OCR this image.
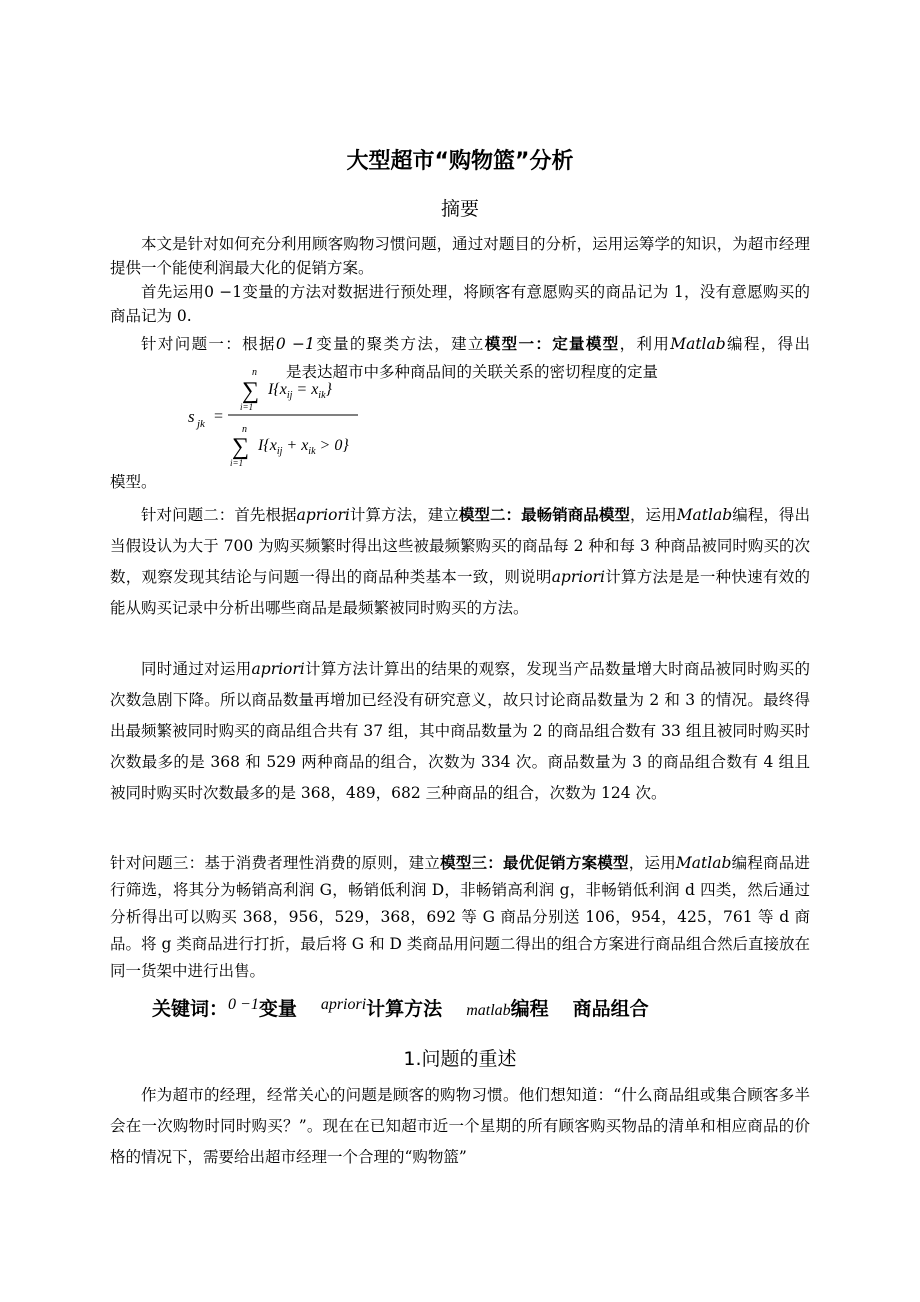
大型超市“购物篮”分析
摘要
本文是针对如何充分利用顾客购物习惯问题，通过对题目的分析，运用运筹学的知识，为超市经理提供一个能使利润最大化的促销方案。
首先运用0 −1变量的方法对数据进行预处理，将顾客有意愿购买的商品记为 1，没有意愿购买的商品记为 0.
针对问题一：根据0 −1变量的聚类方法，建立模型一：定量模型，利用Matlab编程，得出是表达超市中多种商品间的关联关系的密切程度的定量
s jk =
n
∑
i=1
$I\{x_{ij} = x_{ik}\}$
n
∑
i=1
$I\{x_{ij} + x_{ik} > 0\}$
模型。
针对问题二：首先根据apriori计算方法，建立模型二：最畅销商品模型，运用Matlab编程，得出当假设认为大于 700 为购买频繁时得出这些被最频繁购买的商品每 2 种和每 3 种商品被同时购买的次数，观察发现其结论与问题一得出的商品种类基本一致，则说明apriori计算方法是是一种快速有效的能从购买记录中分析出哪些商品是最频繁被同时购买的方法。
同时通过对运用apriori计算方法计算出的结果的观察，发现当产品数量增大时商品被同时购买的次数急剧下降。所以商品数量再增加已经没有研究意义，故只讨论商品数量为 2 和 3 的情况。最终得出最频繁被同时购买的商品组合共有 37 组，其中商品数量为 2 的商品组合数有 33 组且被同时购买时次数最多的是 368 和 529 两种商品的组合，次数为 334 次。商品数量为 3 的商品组合数有 4 组且被同时购买时次数最多的是 368，489，682 三种商品的组合，次数为 124 次。
针对问题三：基于消费者理性消费的原则，建立模型三：最优促销方案模型，运用Matlab编程商品进行筛选，将其分为畅销高利润 G，畅销低利润 D，非畅销高利润 g，非畅销低利润 d 四类，然后通过分析得出可以购买 368，956，529，368，692 等 G 商品分别送 106，954，425，761 等 d 商品。将 g 类商品进行打折，最后将 G 和 D 类商品用问题二得出的组合方案进行商品组合然后直接放在同一货架中进行出售。
关键词：$^{0 -1}$变量 $^{apriori}$计算方法 matlab编程 商品组合
1.问题的重述
作为超市的经理，经常关心的问题是顾客的购物习惯。他们想知道：“什么商品组或集合顾客多半会在一次购物时同时购买？”。现在在已知超市近一个星期的所有顾客购买物品的清单和相应商品的价格的情况下，需要给出超市经理一个合理的“购物篮”
